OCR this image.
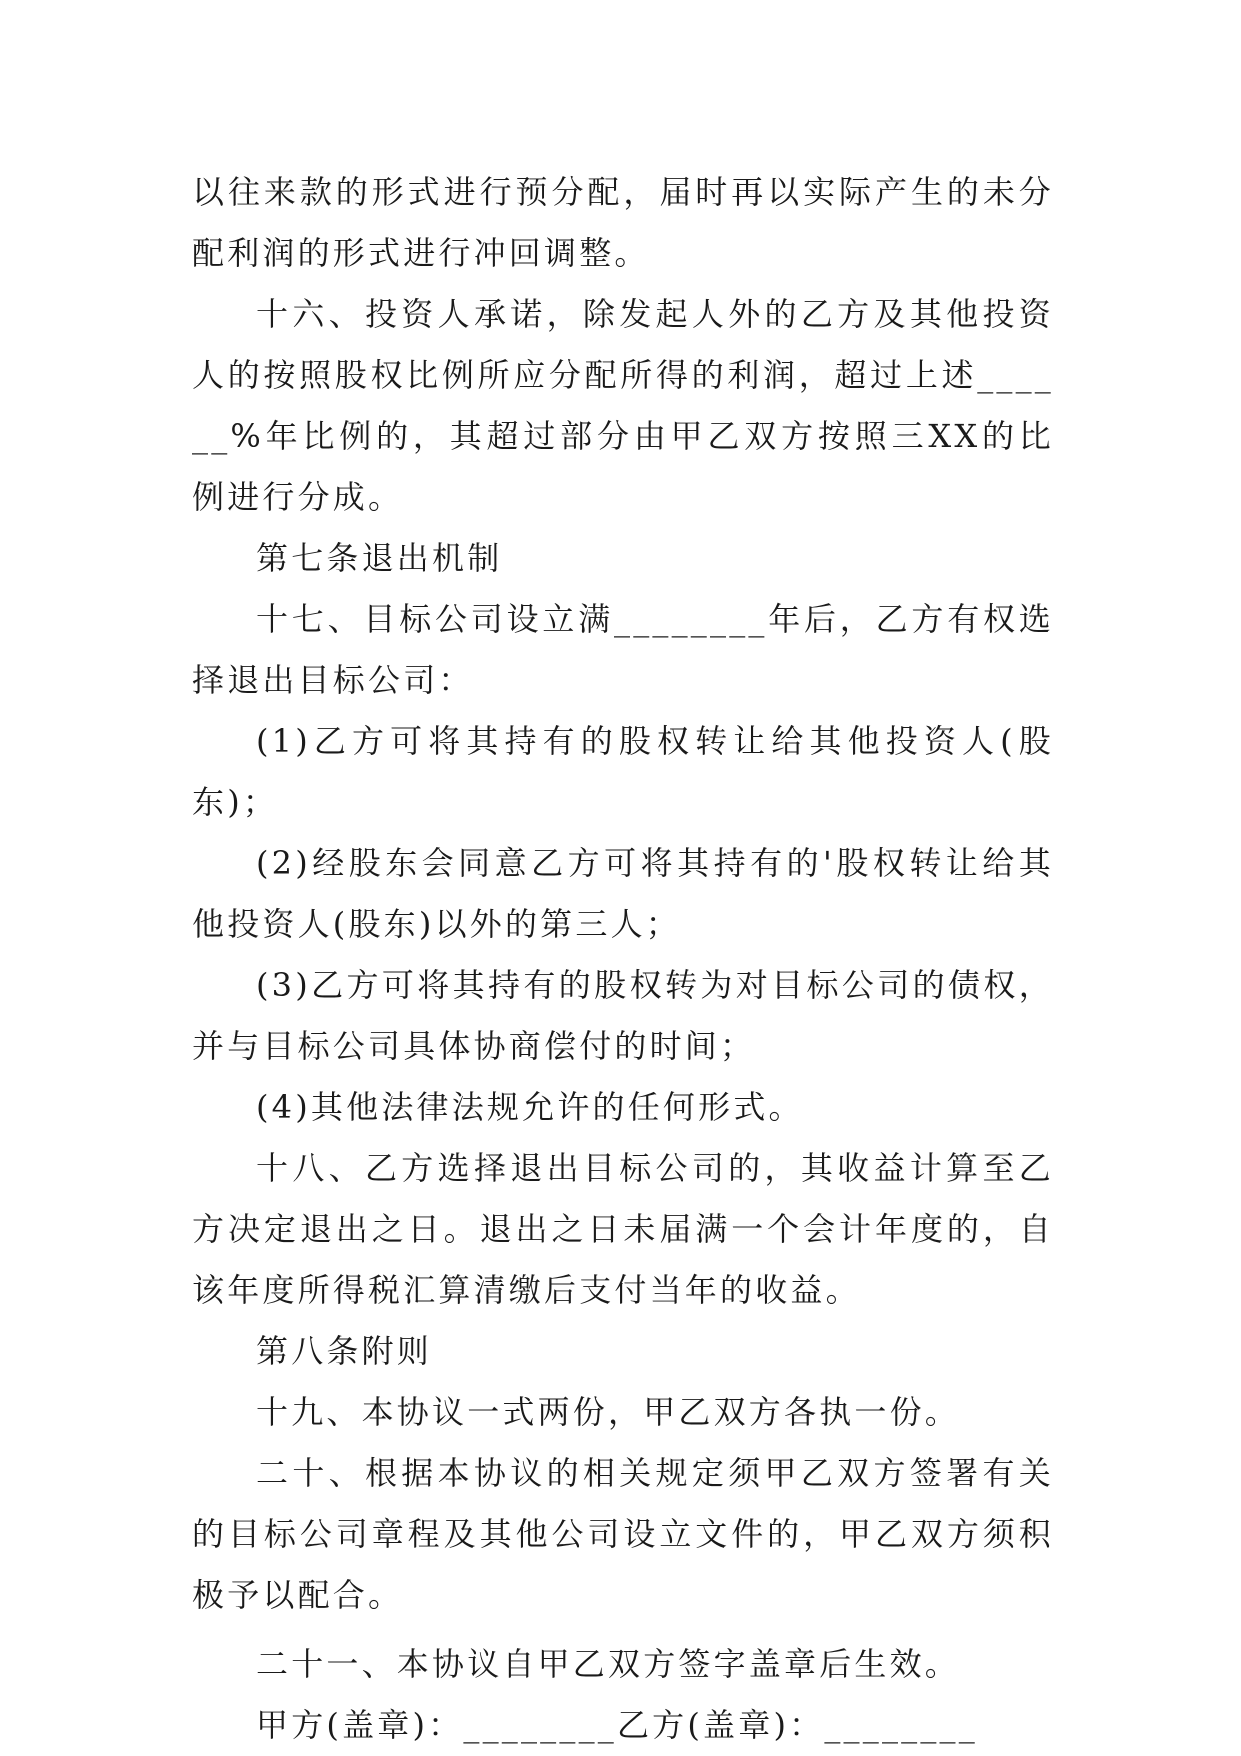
以往来款的形式进行预分配，届时再以实际产生的未分配利润的形式进行冲回调整。

十六、投资人承诺，除发起人外的乙方及其他投资人的按照股权比例所应分配所得的利润，超过上述______%年比例的，其超过部分由甲乙双方按照三XX的比例进行分成。

第七条退出机制

十七、目标公司设立满________年后，乙方有权选择退出目标公司：

(1)乙方可将其持有的股权转让给其他投资人(股东)；

(2)经股东会同意乙方可将其持有的'股权转让给其他投资人(股东)以外的第三人；

(3)乙方可将其持有的股权转为对目标公司的债权，并与目标公司具体协商偿付的时间；

(4)其他法律法规允许的任何形式。

十八、乙方选择退出目标公司的，其收益计算至乙方决定退出之日。退出之日未届满一个会计年度的，自该年度所得税汇算清缴后支付当年的收益。

第八条附则

十九、本协议一式两份，甲乙双方各执一份。

二十、根据本协议的相关规定须甲乙双方签署有关的目标公司章程及其他公司设立文件的，甲乙双方须积极予以配合。

二十一、本协议自甲乙双方签字盖章后生效。

甲方(盖章)：________乙方(盖章)：________
